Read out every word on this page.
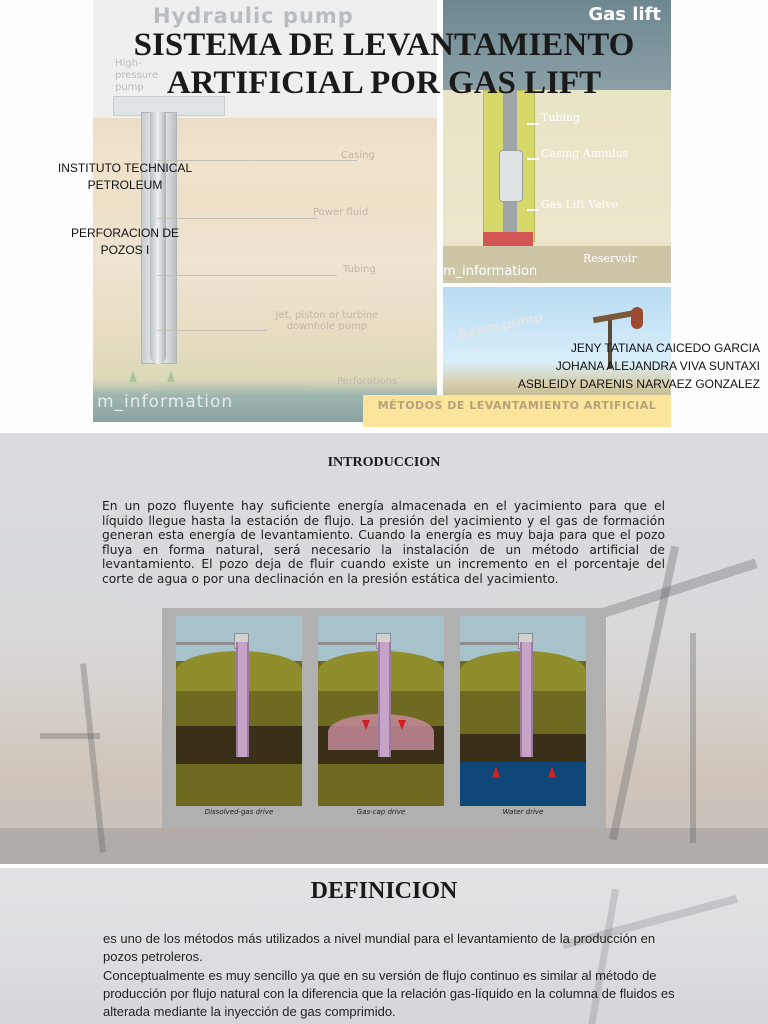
Hydraulic pump
High-pressure pump
Casing
Power fluid
Tubing
Jet, piston or turbine downhole pump
Perforations
m_information
Gas lift
Tubing
Casing Annulus
Gas Lift Valve
Reservoir
m_information
Beam pump
MÉTODOS DE LEVANTAMIENTO ARTIFICIAL
SISTEMA DE LEVANTAMIENTO ARTIFICIAL POR GAS LIFT
INSTITUTO TECHNICAL PETROLEUM
PERFORACION DE POZOS I
JENY TATIANA CAICEDO GARCIA
JOHANA ALEJANDRA VIVA SUNTAXI
ASBLEIDY DARENIS NARVAEZ GONZALEZ
INTRODUCCION

En un pozo fluyente hay suficiente energía almacenada en el yacimiento para que el líquido llegue hasta la estación de flujo. La presión del yacimiento y el gas de formación generan esta energía de levantamiento. Cuando la energía es muy baja para que el pozo fluya en forma natural, será necesario la instalación de un método artificial de levantamiento. El pozo deja de fluir cuando existe un incremento en el porcentaje del corte de agua o por una declinación en la presión estática del yacimiento.

Dissolved-gas drive	Gas-cap drive	Water drive
DEFINICION

es uno de los métodos más utilizados a nivel mundial para el levantamiento de la producción en pozos petroleros.

Conceptualmente es muy sencillo ya que en su versión de flujo continuo es similar al método de producción por flujo natural con la diferencia que la relación gas-líquido en la columna de fluidos es alterada mediante la inyección de gas comprimido.
